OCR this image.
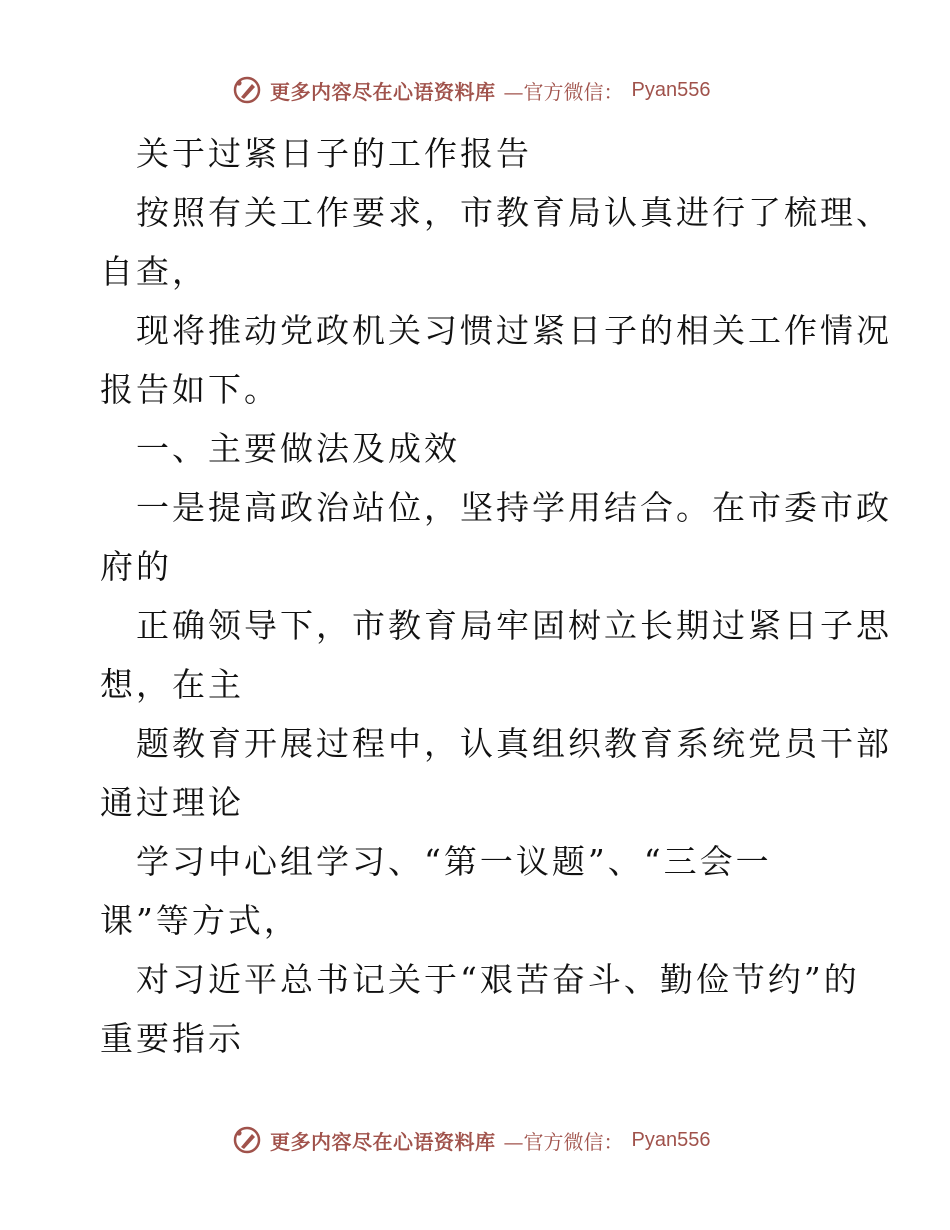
更多内容尽在心语资料库 —官方微信： Pyan556
关于过紧日子的工作报告
按照有关工作要求，市教育局认真进行了梳理、
自查，
现将推动党政机关习惯过紧日子的相关工作情况
报告如下。
一、主要做法及成效
一是提高政治站位，坚持学用结合。在市委市政
府的
正确领导下，市教育局牢固树立长期过紧日子思
想，在主
题教育开展过程中，认真组织教育系统党员干部
通过理论
学习中心组学习、“第一议题”、“三会一
课”等方式，
对习近平总书记关于“艰苦奋斗、勤俭节约”的
重要指示
更多内容尽在心语资料库 —官方微信： Pyan556
